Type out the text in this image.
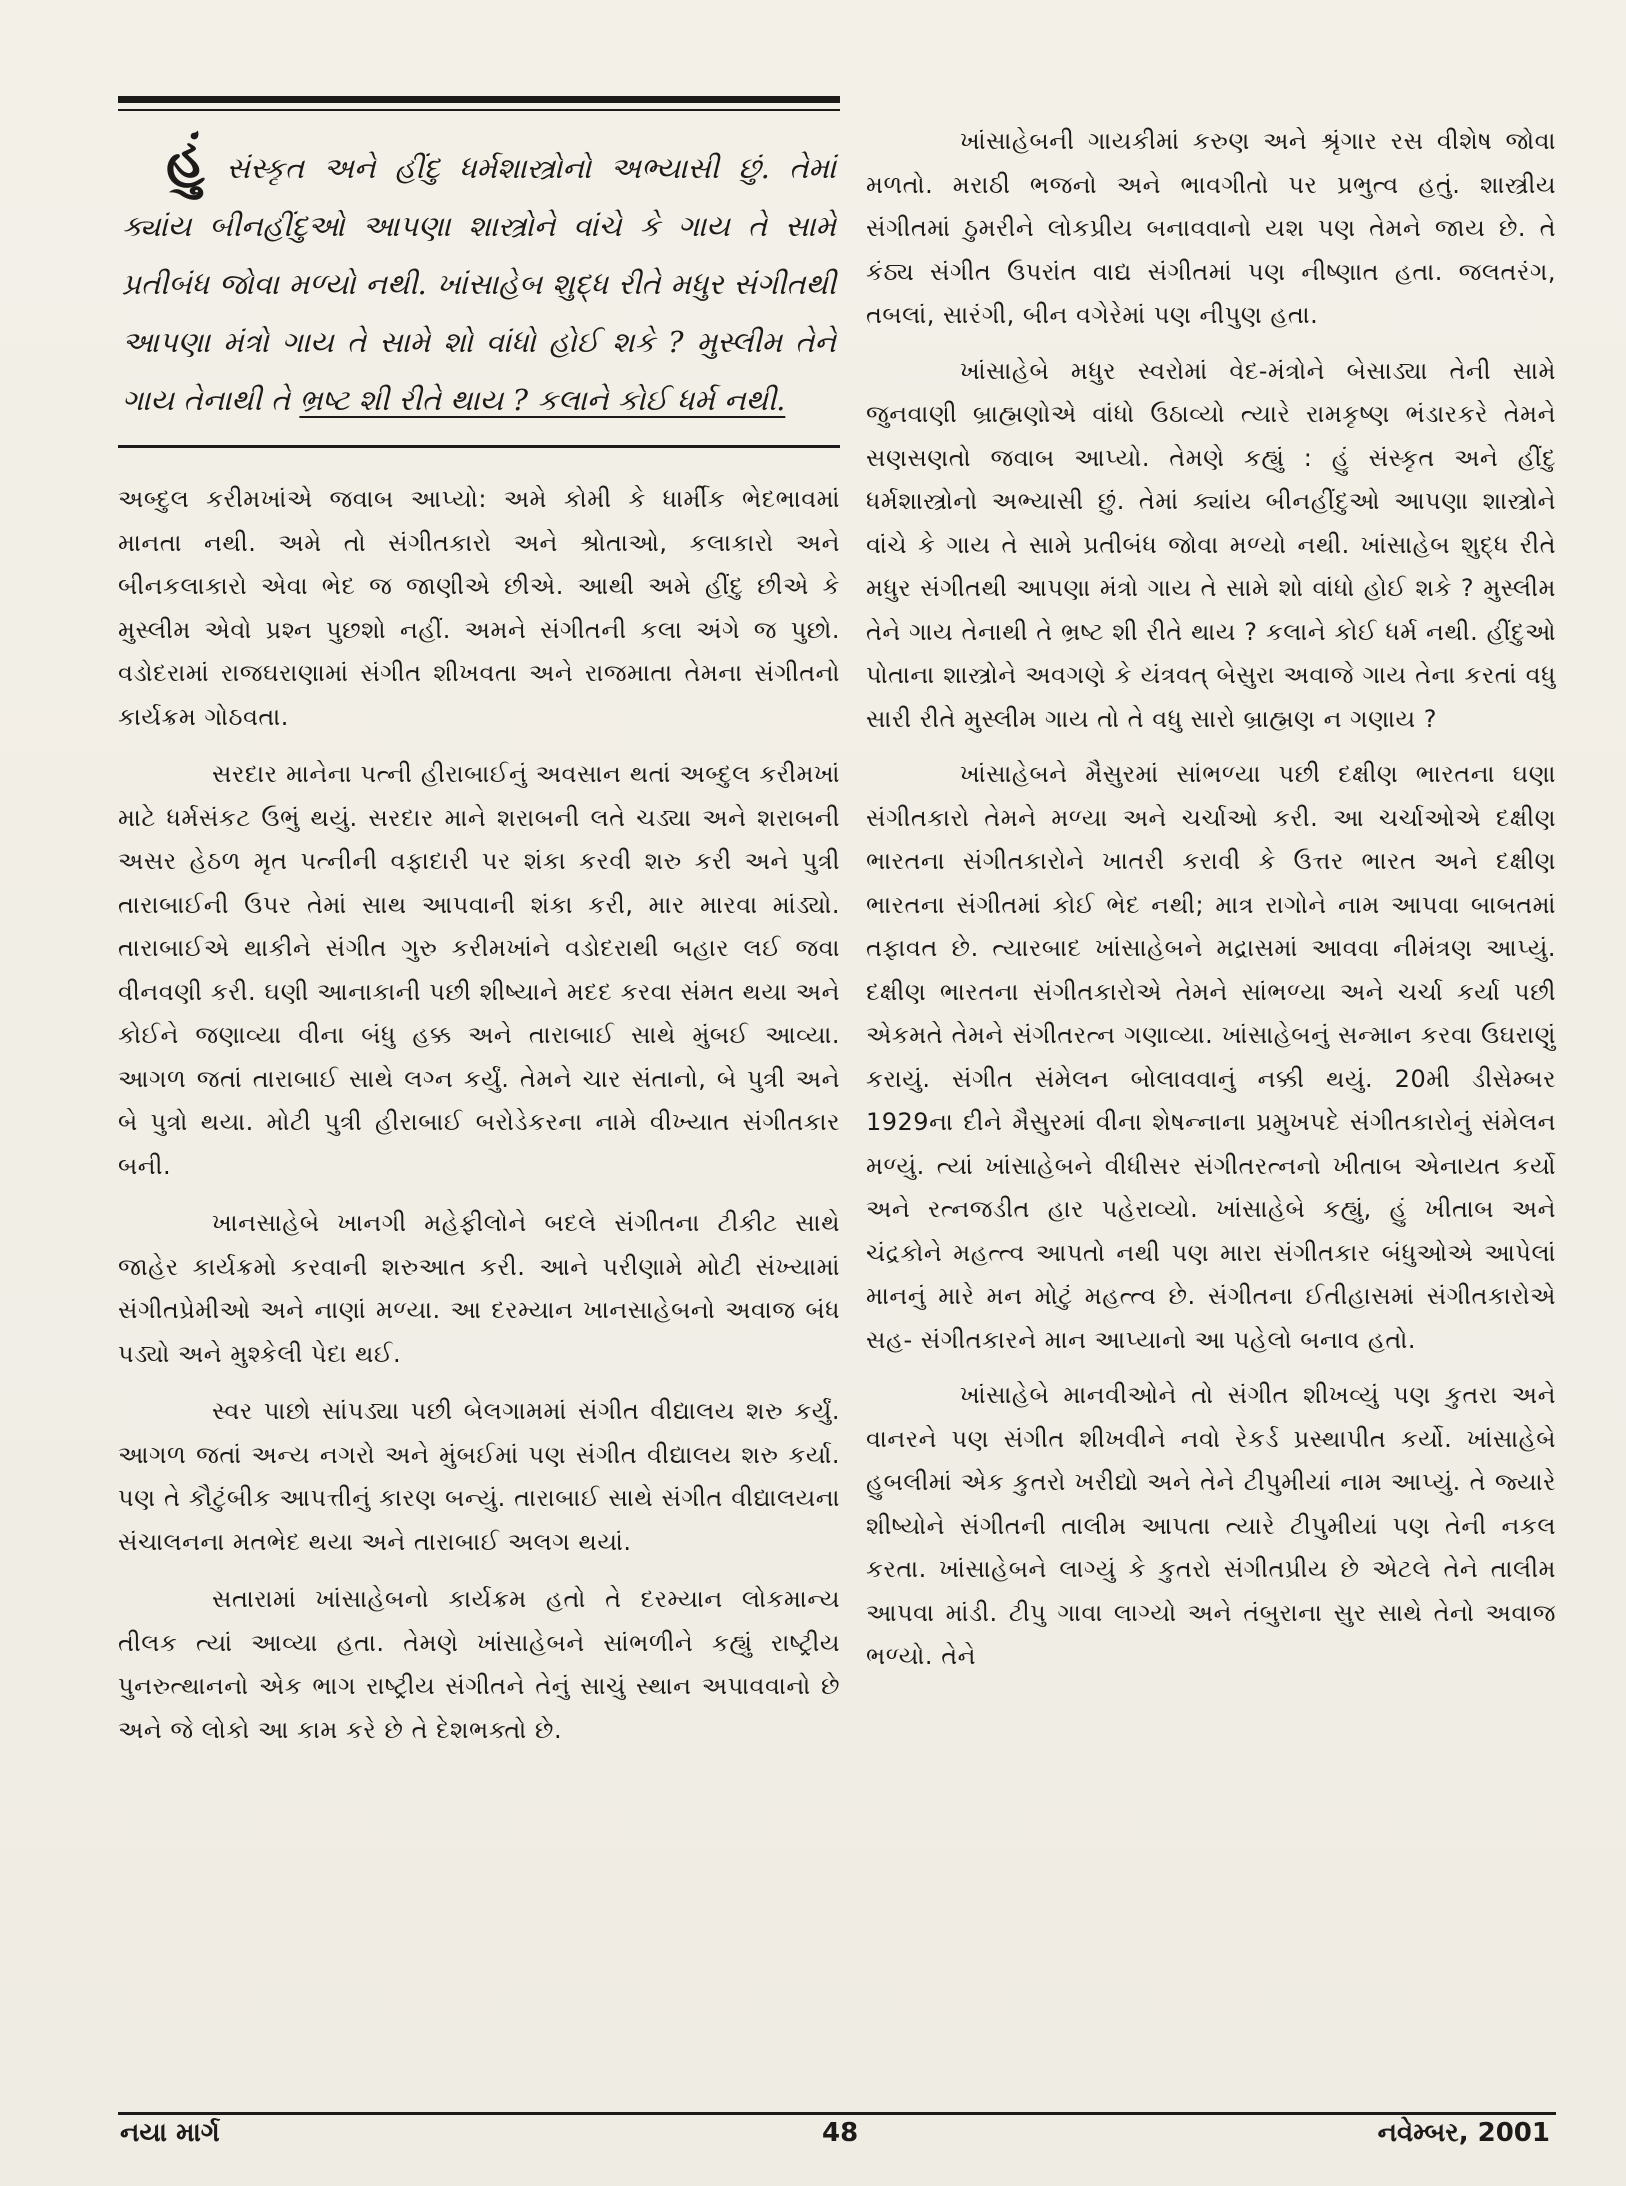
હું સંસ્કૃત અને હીંદુ ધર્મશાસ્ત્રોનો અભ્યાસી છું. તેમાં ક્યાંય બીનહીંદુઓ આપણા શાસ્ત્રોને વાંચે કે ગાય તે સામે પ્રતીબંધ જોવા મળ્યો નથી. ખાંસાહેબ શુદ્ધ રીતે મધુર સંગીતથી આપણા મંત્રો ગાય તે સામે શો વાંધો હોઈ શકે ? મુસ્લીમ તેને ગાય તેનાથી તે ભ્રષ્ટ શી રીતે થાય ? કલાને કોઈ ધર્મ નથી.

અબ્દુલ કરીમખાંએ જવાબ આપ્યો: અમે કોમી કે ધાર્મીક ભેદભાવમાં માનતા નથી. અમે તો સંગીતકારો અને શ્રોતાઓ, કલાકારો અને બીનકલાકારો એવા ભેદ જ જાણીએ છીએ. આથી અમે હીંદુ છીએ કે મુસ્લીમ એવો પ્રશ્ન પુછશો નહીં. અમને સંગીતની કલા અંગે જ પુછો. વડોદરામાં રાજઘરાણામાં સંગીત શીખવતા અને રાજમાતા તેમના સંગીતનો કાર્યક્રમ ગોઠવતા.

સરદાર માનેના પત્ની હીરાબાઈનું અવસાન થતાં અબ્દુલ કરીમખાં માટે ધર્મસંકટ ઉભું થયું. સરદાર માને શરાબની લતે ચડ્યા અને શરાબની અસર હેઠળ મૃત પત્નીની વફાદારી પર શંકા કરવી શરુ કરી અને પુત્રી તારાબાઈની ઉપર તેમાં સાથ આપવાની શંકા કરી, માર મારવા માંડ્યો. તારાબાઈએ થાકીને સંગીત ગુરુ કરીમખાંને વડોદરાથી બહાર લઈ જવા વીનવણી કરી. ઘણી આનાકાની પછી શીષ્યાને મદદ કરવા સંમત થયા અને કોઈને જણાવ્યા વીના બંધુ હક્ક અને તારાબાઈ સાથે મુંબઈ આવ્યા. આગળ જતાં તારાબાઈ સાથે લગ્ન કર્યું. તેમને ચાર સંતાનો, બે પુત્રી અને બે પુત્રો થયા. મોટી પુત્રી હીરાબાઈ બરોડેકરના નામે વીખ્યાત સંગીતકાર બની.

ખાનસાહેબે ખાનગી મહેફીલોને બદલે સંગીતના ટીકીટ સાથે જાહેર કાર્યક્રમો કરવાની શરુઆત કરી. આને પરીણામે મોટી સંખ્યામાં સંગીતપ્રેમીઓ અને નાણાં મળ્યા. આ દરમ્યાન ખાનસાહેબનો અવાજ બંધ પડ્યો અને મુશ્કેલી પેદા થઈ.

સ્વર પાછો સાંપડ્યા પછી બેલગામમાં સંગીત વીદ્યાલય શરુ કર્યું. આગળ જતાં અન્ય નગરો અને મુંબઈમાં પણ સંગીત વીદ્યાલય શરુ કર્યા. પણ તે કૌટુંબીક આપત્તીનું કારણ બન્યું. તારાબાઈ સાથે સંગીત વીદ્યાલયના સંચાલનના મતભેદ થયા અને તારાબાઈ અલગ થયાં.

સતારામાં ખાંસાહેબનો કાર્યક્રમ હતો તે દરમ્યાન લોકમાન્ય તીલક ત્યાં આવ્યા હતા. તેમણે ખાંસાહેબને સાંભળીને કહ્યું રાષ્ટ્રીય પુનરુત્થાનનો એક ભાગ રાષ્ટ્રીય સંગીતને તેનું સાચું સ્થાન અપાવવાનો છે અને જે લોકો આ કામ કરે છે તે દેશભક્તો છે.

ખાંસાહેબની ગાયકીમાં કરુણ અને શ્રૃંગાર રસ વીશેષ જોવા મળતો. મરાઠી ભજનો અને ભાવગીતો પર પ્રભુત્વ હતું. શાસ્ત્રીય સંગીતમાં ઠુમરીને લોકપ્રીય બનાવવાનો યશ પણ તેમને જાય છે. તે કંઠ્ય સંગીત ઉપરાંત વાદ્ય સંગીતમાં પણ નીષ્ણાત હતા. જલતરંગ, તબલાં, સારંગી, બીન વગેરેમાં પણ નીપુણ હતા.

ખાંસાહેબે મધુર સ્વરોમાં વેદ-મંત્રોને બેસાડ્યા તેની સામે જુનવાણી બ્રાહ્મણોએ વાંધો ઉઠાવ્યો ત્યારે રામકૃષ્ણ ભંડારકરે તેમને સણસણતો જવાબ આપ્યો. તેમણે કહ્યું : હું સંસ્કૃત અને હીંદુ ધર્મશાસ્ત્રોનો અભ્યાસી છું. તેમાં ક્યાંય બીનહીંદુઓ આપણા શાસ્ત્રોને વાંચે કે ગાય તે સામે પ્રતીબંધ જોવા મળ્યો નથી. ખાંસાહેબ શુદ્ધ રીતે મધુર સંગીતથી આપણા મંત્રો ગાય તે સામે શો વાંધો હોઈ શકે ? મુસ્લીમ તેને ગાય તેનાથી તે ભ્રષ્ટ શી રીતે થાય ? કલાને કોઈ ધર્મ નથી. હીંદુઓ પોતાના શાસ્ત્રોને અવગણે કે યંત્રવત્ બેસુરા અવાજે ગાય તેના કરતાં વધુ સારી રીતે મુસ્લીમ ગાય તો તે વધુ સારો બ્રાહ્મણ ન ગણાય ?

ખાંસાહેબને મૈસુરમાં સાંભળ્યા પછી દક્ષીણ ભારતના ઘણા સંગીતકારો તેમને મળ્યા અને ચર્ચાઓ કરી. આ ચર્ચાઓએ દક્ષીણ ભારતના સંગીતકારોને ખાતરી કરાવી કે ઉત્તર ભારત અને દક્ષીણ ભારતના સંગીતમાં કોઈ ભેદ નથી; માત્ર રાગોને નામ આપવા બાબતમાં તફાવત છે. ત્યારબાદ ખાંસાહેબને મદ્રાસમાં આવવા નીમંત્રણ આપ્યું. દક્ષીણ ભારતના સંગીતકારોએ તેમને સાંભળ્યા અને ચર્ચા કર્યા પછી એકમતે તેમને સંગીતરત્ન ગણાવ્યા. ખાંસાહેબનું સન્માન કરવા ઉઘરાણું કરાયું. સંગીત સંમેલન બોલાવવાનું નક્કી થયું. 20મી ડીસેમ્બર 1929ના દીને મૈસુરમાં વીના શેષન્નાના પ્રમુખપદે સંગીતકારોનું સંમેલન મળ્યું. ત્યાં ખાંસાહેબને વીધીસર સંગીતરત્નનો ખીતાબ એનાયત કર્યો અને રત્નજડીત હાર પહેરાવ્યો. ખાંસાહેબે કહ્યું, હું ખીતાબ અને ચંદ્રકોને મહત્ત્વ આપતો નથી પણ મારા સંગીતકાર બંધુઓએ આપેલાં માનનું મારે મન મોટું મહત્ત્વ છે. સંગીતના ઈતીહાસમાં સંગીતકારોએ સહ- સંગીતકારને માન આપ્યાનો આ પહેલો બનાવ હતો.

ખાંસાહેબે માનવીઓને તો સંગીત શીખવ્યું પણ કુતરા અને વાનરને પણ સંગીત શીખવીને નવો રેકર્ડ પ્રસ્થાપીત કર્યો. ખાંસાહેબે હુબલીમાં એક કુતરો ખરીદ્યો અને તેને ટીપુમીયાં નામ આપ્યું. તે જ્યારે શીષ્યોને સંગીતની તાલીમ આપતા ત્યારે ટીપુમીયાં પણ તેની નકલ કરતા. ખાંસાહેબને લાગ્યું કે કુતરો સંગીતપ્રીય છે એટલે તેને તાલીમ આપવા માંડી. ટીપુ ગાવા લાગ્યો અને તંબુરાના સુર સાથે તેનો અવાજ ભળ્યો. તેને

નયા માર્ગ	48	નવેમ્બર, 2001
